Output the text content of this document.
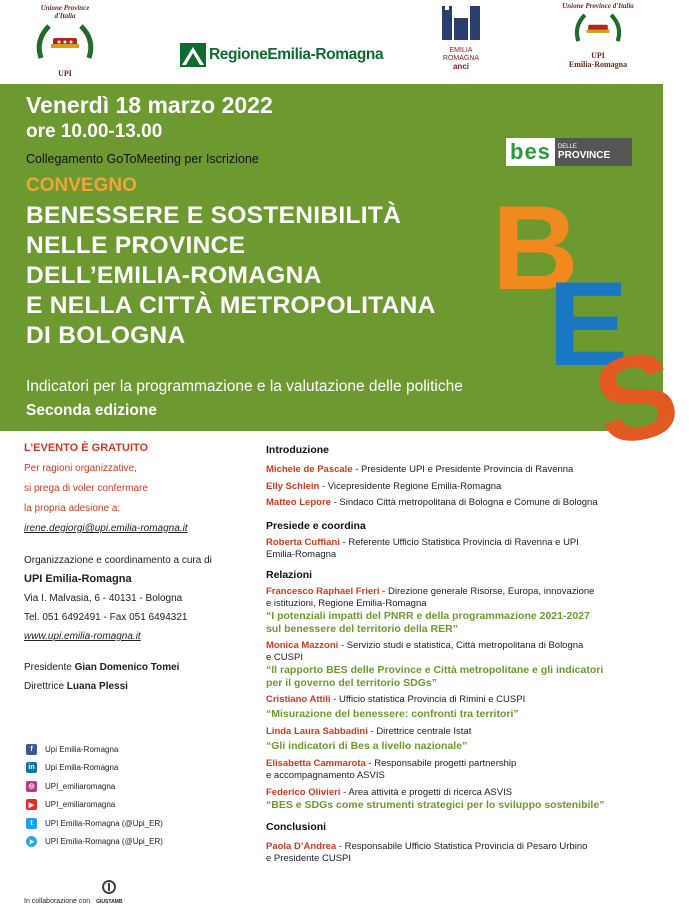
Unione Province d'Italia
UPI
RegioneEmilia-Romagna	EMILIA
ROMAGNA
anci
Unione Province d'Italia
UPI
Emilia-Romagna
B
E
S
Venerdì 18 marzo 2022
ore 10.00-13.00
Collegamento GoToMeeting per Iscrizione	bes	DELLE
PROVINCE
CONVEGNO
BENESSERE E SOSTENIBILITÀ
NELLE PROVINCE
DELL’EMILIA-ROMAGNA
E NELLA CITTÀ METROPOLITANA
DI BOLOGNA
Indicatori per la programmazione e la valutazione delle politiche
Seconda edizione
L’EVENTO È GRATUITO
Per ragioni organizzative,
si prega di voler confermare
la propria adesione a:
irene.degiorgi@upi.emilia-romagna.it
Organizzazione e coordinamento a cura di
UPI Emilia-Romagna
Via I. Malvasia, 6 - 40131 - Bologna
Tel. 051 6492491 - Fax 051 6494321
www.upi.emilia-romagna.it
Presidente Gian Domenico Tomei
Direttrice Luana Plessi
f	Upi Emilia-Romagna
in Upi Emilia-Romagna
◎	UPI_emiliaromagna
▶	UPI_emiliaromagna
t	UPI Emilia-Romagna (@Upi_ER)
➤	UPI Emilia-Romagna (@Upi_ER)
In collaborazione con GIUSTAMB
Introduzione
Michele de Pascale - Presidente UPI e Presidente Provincia di Ravenna
Elly Schlein - Vicepresidente Regione Emilia-Romagna
Matteo Lepore - Sindaco Città metropolitana di Bologna e Comune di Bologna
Presiede e coordina
Roberta Cuffiani - Referente Ufficio Statistica Provincia di Ravenna e UPI
Emilia-Romagna
Relazioni
Francesco Raphael Frieri - Direzione generale Risorse, Europa, innovazione
e istituzioni, Regione Emilia-Romagna
“I potenziali impatti del PNRR e della programmazione 2021-2027
sul benessere del territorio della RER”
Monica Mazzoni - Servizio studi e statistica, Città metropolitana di Bologna
e CUSPI
“Il rapporto BES delle Province e Città metropolitane e gli indicatori
per il governo del territorio SDGs”
Cristiano Attili - Ufficio statistica Provincia di Rimini e CUSPI
“Misurazione del benessere: confronti tra territori”
Linda Laura Sabbadini - Direttrice centrale Istat
“Gli indicatori di Bes a livello nazionale”
Elisabetta Cammarota - Responsabile progetti partnership
e accompagnamento ASVIS
Federico Olivieri - Area attività e progetti di ricerca ASVIS
“BES e SDGs come strumenti strategici per lo sviluppo sostenibile”
Conclusioni
Paola D’Andrea - Responsabile Ufficio Statistica Provincia di Pesaro Urbino
e Presidente CUSPI
